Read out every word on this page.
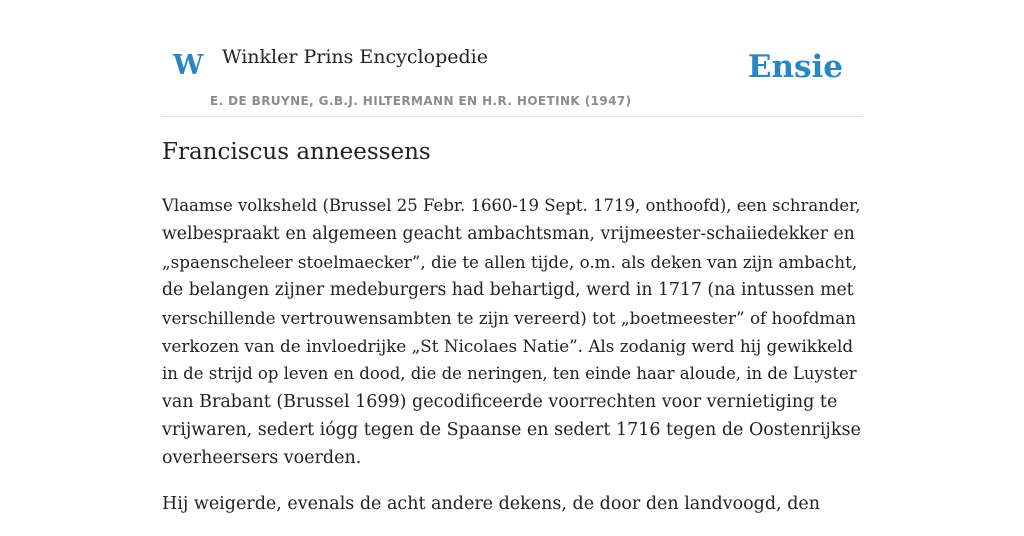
W Winkler Prins Encyclopedie
E. DE BRUYNE, G.B.J. HILTERMANN EN H.R. HOETINK (1947)
Ensie
Franciscus anneessens

Vlaamse volksheld (Brussel 25 Febr. 1660-19 Sept. 1719, onthoofd), een schrander,
welbespraakt en algemeen geacht ambachtsman, vrijmeester-schaiiedekker en
„spaenscheleer stoelmaecker”, die te allen tijde, o.m. als deken van zijn ambacht,
de belangen zijner medeburgers had behartigd, werd in 1717 (na intussen met
verschillende vertrouwensambten te zijn vereerd) tot „boetmeester” of hoofdman
verkozen van de invloedrijke „St Nicolaes Natie”. Als zodanig werd hij gewikkeld
in de strijd op leven en dood, die de neringen, ten einde haar aloude, in de Luyster
van Brabant (Brussel 1699) gecodificeerde voorrechten voor vernietiging te
vrijwaren, sedert iógg tegen de Spaanse en sedert 1716 tegen de Oostenrijkse
overheersers voerden.

Hij weigerde, evenals de acht andere dekens, de door den landvoogd, den
